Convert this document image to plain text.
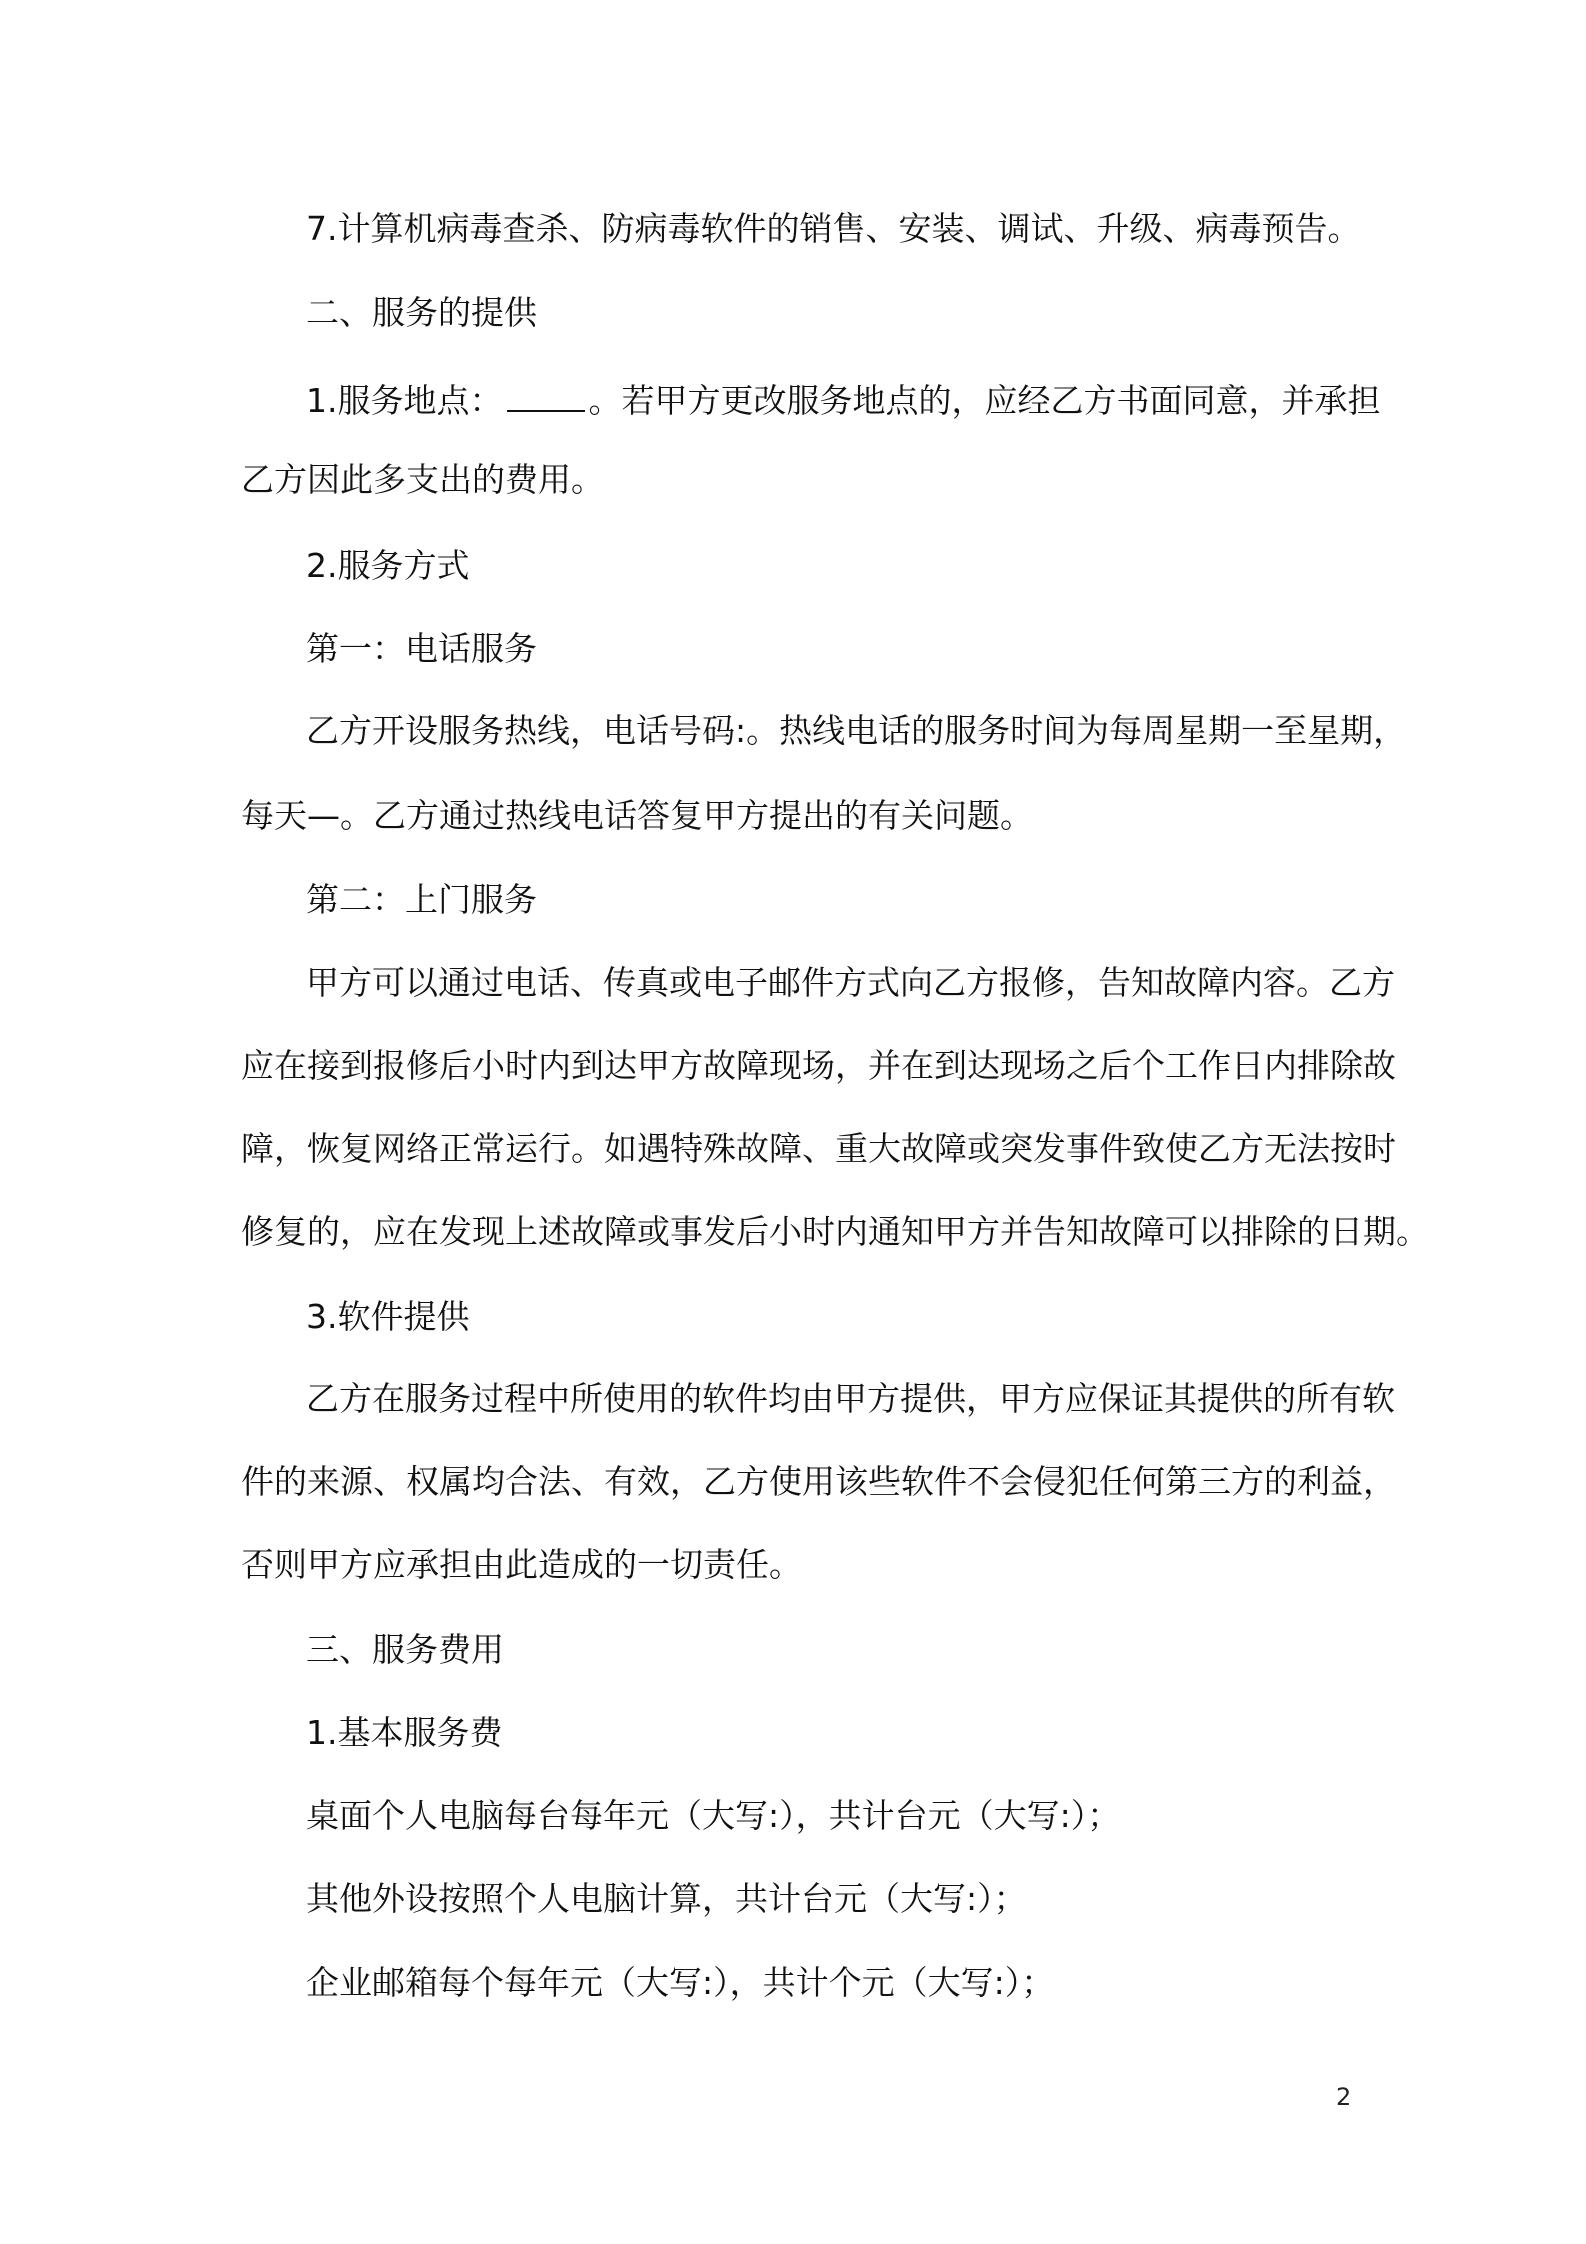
7.计算机病毒查杀、防病毒软件的销售、安装、调试、升级、病毒预告。
二、服务的提供
1.服务地点：	。若甲方更改服务地点的，应经乙方书面同意，并承担
乙方因此多支出的费用。
2.服务方式
第一：电话服务
乙方开设服务热线，电话号码:。热线电话的服务时间为每周星期一至星期，
每天—。乙方通过热线电话答复甲方提出的有关问题。
第二：上门服务
甲方可以通过电话、传真或电子邮件方式向乙方报修，告知故障内容。乙方
应在接到报修后小时内到达甲方故障现场，并在到达现场之后个工作日内排除故
障，恢复网络正常运行。如遇特殊故障、重大故障或突发事件致使乙方无法按时
修复的，应在发现上述故障或事发后小时内通知甲方并告知故障可以排除的日期。
3.软件提供
乙方在服务过程中所使用的软件均由甲方提供，甲方应保证其提供的所有软
件的来源、权属均合法、有效，乙方使用该些软件不会侵犯任何第三方的利益，
否则甲方应承担由此造成的一切责任。
三、服务费用
1.基本服务费
桌面个人电脑每台每年元（大写:），共计台元（大写:）；
其他外设按照个人电脑计算，共计台元（大写:）；
企业邮箱每个每年元（大写:），共计个元（大写:）；
2
